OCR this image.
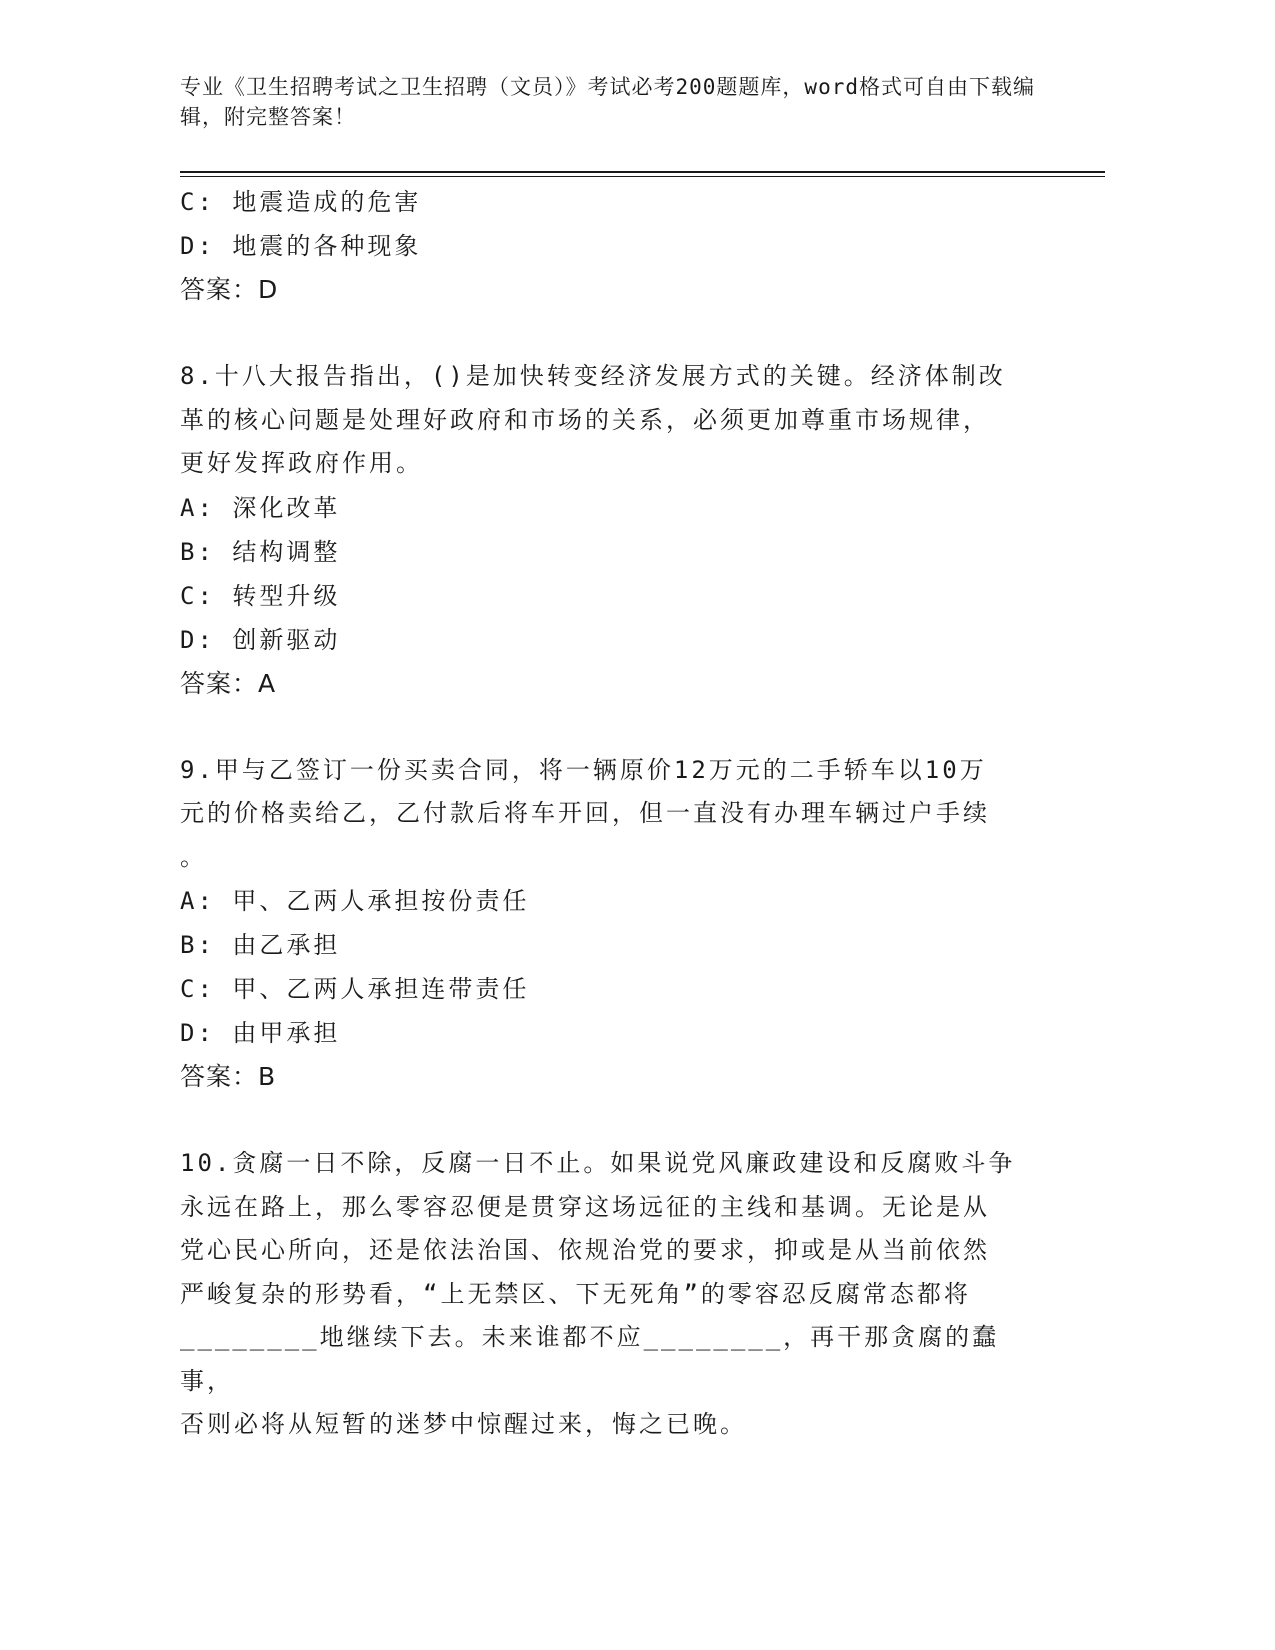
专业《卫生招聘考试之卫生招聘（文员）》考试必考200题题库，word格式可自由下载编辑，附完整答案！
C: 地震造成的危害
D: 地震的各种现象
答案：D
8.十八大报告指出，()是加快转变经济发展方式的关键。经济体制改
革的核心问题是处理好政府和市场的关系，必须更加尊重市场规律，
更好发挥政府作用。
A: 深化改革
B: 结构调整
C: 转型升级
D: 创新驱动
答案：A
9.甲与乙签订一份买卖合同，将一辆原价12万元的二手轿车以10万
元的价格卖给乙，乙付款后将车开回，但一直没有办理车辆过户手续
。
A: 甲、乙两人承担按份责任
B: 由乙承担
C: 甲、乙两人承担连带责任
D: 由甲承担
答案：B
10.贪腐一日不除，反腐一日不止。如果说党风廉政建设和反腐败斗争
永远在路上，那么零容忍便是贯穿这场远征的主线和基调。无论是从
党心民心所向，还是依法治国、依规治党的要求，抑或是从当前依然
严峻复杂的形势看，“上无禁区、下无死角”的零容忍反腐常态都将
________地继续下去。未来谁都不应________，再干那贪腐的蠢事，
否则必将从短暂的迷梦中惊醒过来，悔之已晚。
